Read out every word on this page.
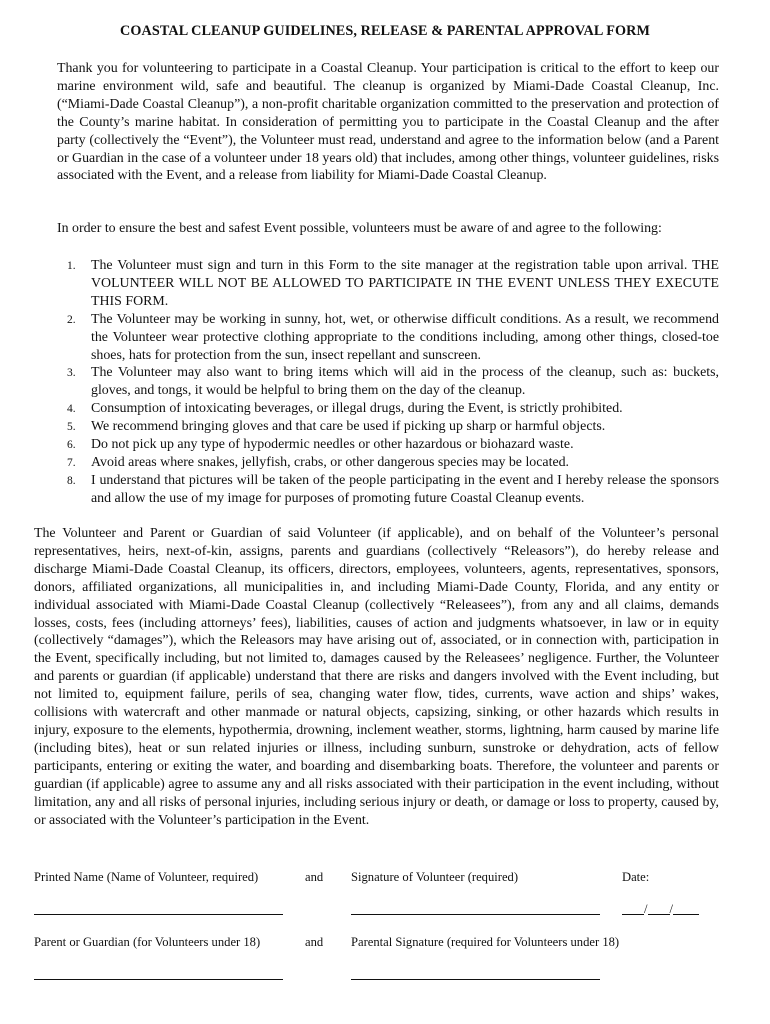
COASTAL CLEANUP GUIDELINES, RELEASE & PARENTAL APPROVAL FORM

Thank you for volunteering to participate in a Coastal Cleanup. Your participation is critical to the effort to keep our marine environment wild, safe and beautiful. The cleanup is organized by Miami-Dade Coastal Cleanup, Inc. (“Miami-Dade Coastal Cleanup”), a non-profit charitable organization committed to the preservation and protection of the County’s marine habitat. In consideration of permitting you to participate in the Coastal Cleanup and the after party (collectively the “Event”), the Volunteer must read, understand and agree to the information below (and a Parent or Guardian in the case of a volunteer under 18 years old) that includes, among other things, volunteer guidelines, risks associated with the Event, and a release from liability for Miami-Dade Coastal Cleanup.

In order to ensure the best and safest Event possible, volunteers must be aware of and agree to the following:

1. The Volunteer must sign and turn in this Form to the site manager at the registration table upon arrival. THE VOLUNTEER WILL NOT BE ALLOWED TO PARTICIPATE IN THE EVENT UNLESS THEY EXECUTE THIS FORM.
2. The Volunteer may be working in sunny, hot, wet, or otherwise difficult conditions. As a result, we recommend the Volunteer wear protective clothing appropriate to the conditions including, among other things, closed-toe shoes, hats for protection from the sun, insect repellant and sunscreen.
3. The Volunteer may also want to bring items which will aid in the process of the cleanup, such as: buckets, gloves, and tongs, it would be helpful to bring them on the day of the cleanup.
4. Consumption of intoxicating beverages, or illegal drugs, during the Event, is strictly prohibited.
5. We recommend bringing gloves and that care be used if picking up sharp or harmful objects.
6. Do not pick up any type of hypodermic needles or other hazardous or biohazard waste.
7. Avoid areas where snakes, jellyfish, crabs, or other dangerous species may be located.
8. I understand that pictures will be taken of the people participating in the event and I hereby release the sponsors and allow the use of my image for purposes of promoting future Coastal Cleanup events.

The Volunteer and Parent or Guardian of said Volunteer (if applicable), and on behalf of the Volunteer’s personal representatives, heirs, next-of-kin, assigns, parents and guardians (collectively “Releasors”), do hereby release and discharge Miami-Dade Coastal Cleanup, its officers, directors, employees, volunteers, agents, representatives, sponsors, donors, affiliated organizations, all municipalities in, and including Miami-Dade County, Florida, and any entity or individual associated with Miami-Dade Coastal Cleanup (collectively “Releasees”), from any and all claims, demands losses, costs, fees (including attorneys’ fees), liabilities, causes of action and judgments whatsoever, in law or in equity (collectively “damages”), which the Releasors may have arising out of, associated, or in connection with, participation in the Event, specifically including, but not limited to, damages caused by the Releasees’ negligence. Further, the Volunteer and parents or guardian (if applicable) understand that there are risks and dangers involved with the Event including, but not limited to, equipment failure, perils of sea, changing water flow, tides, currents, wave action and ships’ wakes, collisions with watercraft and other manmade or natural objects, capsizing, sinking, or other hazards which results in injury, exposure to the elements, hypothermia, drowning, inclement weather, storms, lightning, harm caused by marine life (including bites), heat or sun related injuries or illness, including sunburn, sunstroke or dehydration, acts of fellow participants, entering or exiting the water, and boarding and disembarking boats. Therefore, the volunteer and parents or guardian (if applicable) agree to assume any and all risks associated with their participation in the event including, without limitation, any and all risks of personal injuries, including serious injury or death, or damage or loss to property, caused by, or associated with the Volunteer’s participation in the Event.

Printed Name (Name of Volunteer, required)	and Signature of Volunteer (required)	Date:
/ /
Parent or Guardian (for Volunteers under 18)	and Parental Signature (required for Volunteers under 18)
